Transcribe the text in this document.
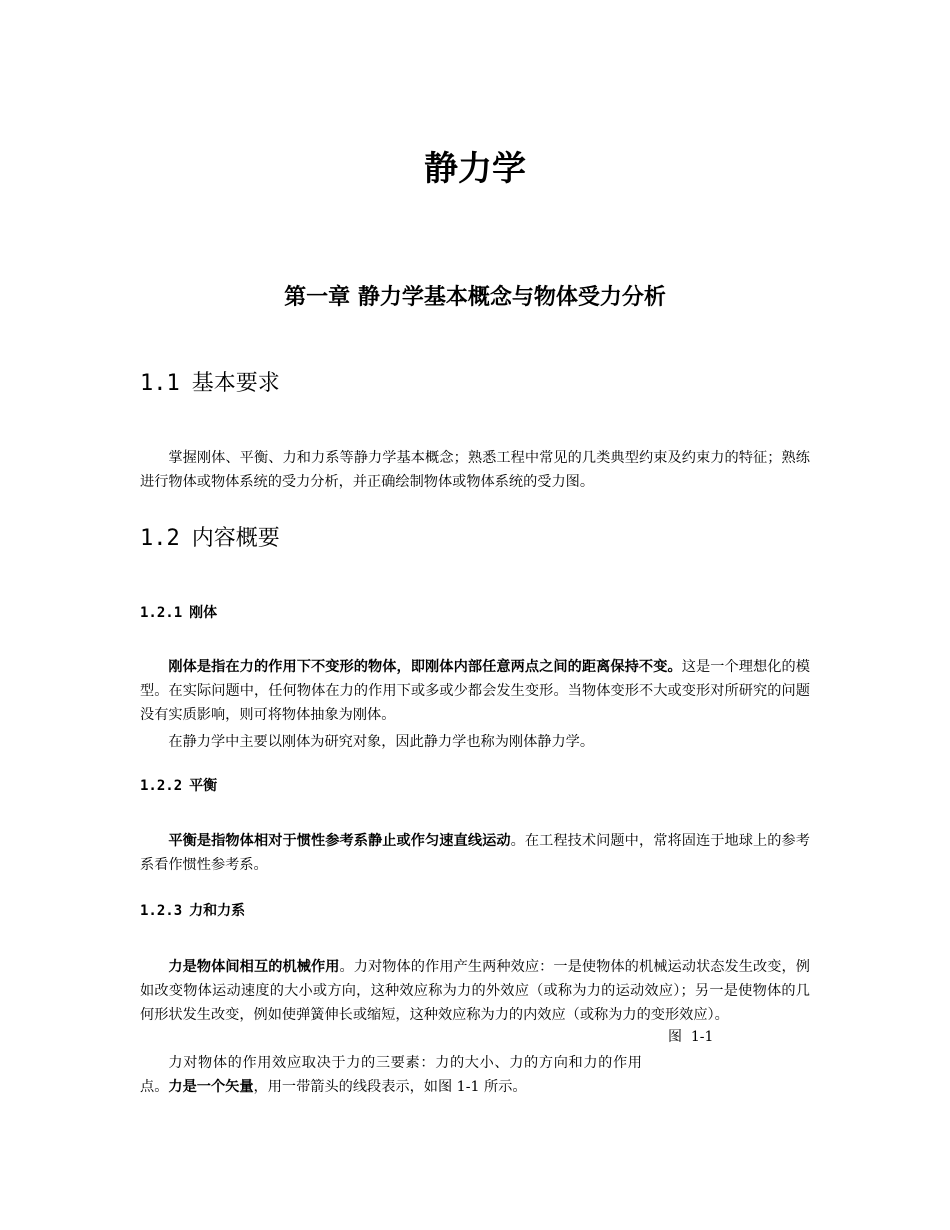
静力学
第一章 静力学基本概念与物体受力分析
1.1 基本要求
掌握刚体、平衡、力和力系等静力学基本概念；熟悉工程中常见的几类典型约束及约束力的特征；熟练进行物体或物体系统的受力分析，并正确绘制物体或物体系统的受力图。
1.2 内容概要
1.2.1 刚体
刚体是指在力的作用下不变形的物体，即刚体内部任意两点之间的距离保持不变。这是一个理想化的模型。在实际问题中，任何物体在力的作用下或多或少都会发生变形。当物体变形不大或变形对所研究的问题没有实质影响，则可将物体抽象为刚体。
在静力学中主要以刚体为研究对象，因此静力学也称为刚体静力学。
1.2.2 平衡
平衡是指物体相对于惯性参考系静止或作匀速直线运动。在工程技术问题中，常将固连于地球上的参考系看作惯性参考系。
1.2.3 力和力系
力是物体间相互的机械作用。力对物体的作用产生两种效应：一是使物体的机械运动状态发生改变，例如改变物体运动速度的大小或方向，这种效应称为力的外效应（或称为力的运动效应）；另一是使物体的几何形状发生改变，例如使弹簧伸长或缩短，这种效应称为力的内效应（或称为力的变形效应）。
力对物体的作用效应取决于力的三要素：力的大小、力的方向和力的作用点。力是一个矢量，用一带箭头的线段表示，如图 1-1 所示。
图  1-1
